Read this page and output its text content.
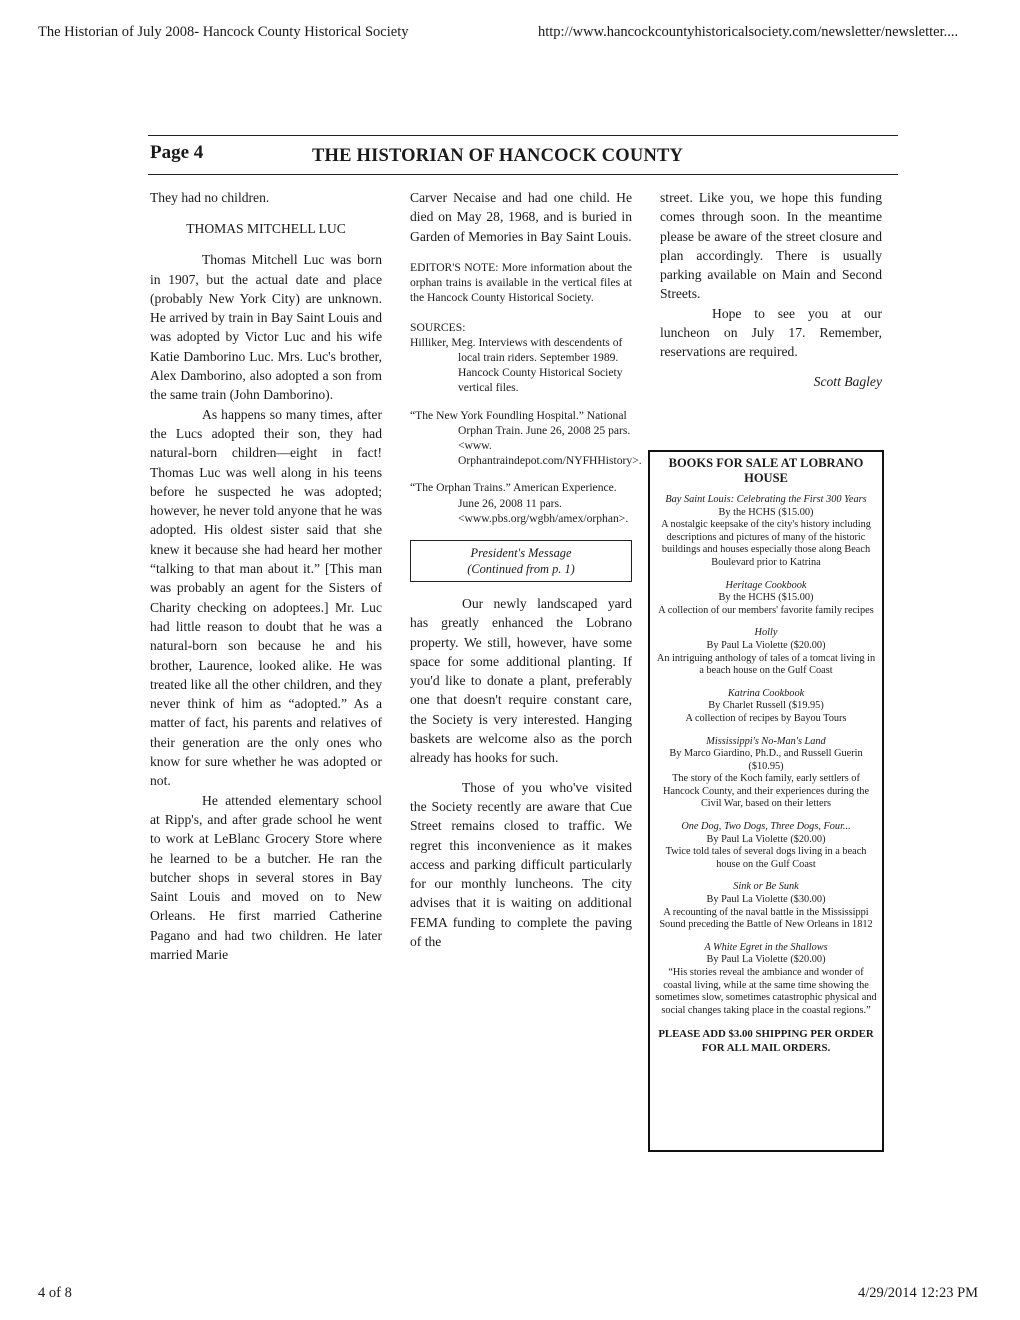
The Historian of July 2008- Hancock County Historical Society	http://www.hancockcountyhistoricalsociety.com/newsletter/newsletter....
4 of 8	4/29/2014 12:23 PM
Page 4	THE HISTORIAN OF HANCOCK COUNTY

They had no children.

THOMAS MITCHELL LUC

Thomas Mitchell Luc was born in 1907, but the actual date and place (probably New York City) are unknown. He arrived by train in Bay Saint Louis and was adopted by Victor Luc and his wife Katie Damborino Luc. Mrs. Luc's brother, Alex Damborino, also adopted a son from the same train (John Damborino).

As happens so many times, after the Lucs adopted their son, they had natural-born children—eight in fact! Thomas Luc was well along in his teens before he suspected he was adopted; however, he never told anyone that he was adopted. His oldest sister said that she knew it because she had heard her mother “talking to that man about it.” [This man was probably an agent for the Sisters of Charity checking on adoptees.] Mr. Luc had little reason to doubt that he was a natural-born son because he and his brother, Laurence, looked alike. He was treated like all the other children, and they never think of him as “adopted.” As a matter of fact, his parents and relatives of their generation are the only ones who know for sure whether he was adopted or not.

He attended elementary school at Ripp's, and after grade school he went to work at LeBlanc Grocery Store where he learned to be a butcher. He ran the butcher shops in several stores in Bay Saint Louis and moved on to New Orleans. He first married Catherine Pagano and had two children. He later married Marie

Carver Necaise and had one child. He died on May 28, 1968, and is buried in Garden of Memories in Bay Saint Louis.

EDITOR'S NOTE: More information about the orphan trains is available in the vertical files at the Hancock County Historical Society.

SOURCES:

Hilliker, Meg. Interviews with descendents of local train riders. September 1989. Hancock County Historical Society vertical files.

“The New York Foundling Hospital.” National Orphan Train. June 26, 2008 25 pars. <www. Orphantraindepot.com/NYFHHistory>.

“The Orphan Trains.” American Experience. June 26, 2008 11 pars. <www.pbs.org/wgbh/amex/orphan>.

President's Message
(Continued from p. 1)

Our newly landscaped yard has greatly enhanced the Lobrano property. We still, however, have some space for some additional planting. If you'd like to donate a plant, preferably one that doesn't require constant care, the Society is very interested. Hanging baskets are welcome also as the porch already has hooks for such.

Those of you who've visited the Society recently are aware that Cue Street remains closed to traffic. We regret this inconvenience as it makes access and parking difficult particularly for our monthly luncheons. The city advises that it is waiting on additional FEMA funding to complete the paving of the

street. Like you, we hope this funding comes through soon. In the meantime please be aware of the street closure and plan accordingly. There is usually parking available on Main and Second Streets.

Hope to see you at our luncheon on July 17. Remember, reservations are required.

Scott Bagley

BOOKS FOR SALE AT LOBRANO HOUSE
Bay Saint Louis: Celebrating the First 300 Years
By the HCHS ($15.00)
A nostalgic keepsake of the city's history including descriptions and pictures of many of the historic buildings and houses especially those along Beach Boulevard prior to Katrina
Heritage Cookbook
By the HCHS ($15.00)
A collection of our members' favorite family recipes
Holly
By Paul La Violette ($20.00)
An intriguing anthology of tales of a tomcat living in a beach house on the Gulf Coast
Katrina Cookbook
By Charlet Russell ($19.95)
A collection of recipes by Bayou Tours
Mississippi's No-Man's Land
By Marco Giardino, Ph.D., and Russell Guerin ($10.95)
The story of the Koch family, early settlers of Hancock County, and their experiences during the Civil War, based on their letters
One Dog, Two Dogs, Three Dogs, Four...
By Paul La Violette ($20.00)
Twice told tales of several dogs living in a beach house on the Gulf Coast
Sink or Be Sunk
By Paul La Violette ($30.00)
A recounting of the naval battle in the Mississippi Sound preceding the Battle of New Orleans in 1812
A White Egret in the Shallows
By Paul La Violette ($20.00)
“His stories reveal the ambiance and wonder of coastal living, while at the same time showing the sometimes slow, sometimes catastrophic physical and social changes taking place in the coastal regions.”
PLEASE ADD $3.00 SHIPPING PER ORDER FOR ALL MAIL ORDERS.
